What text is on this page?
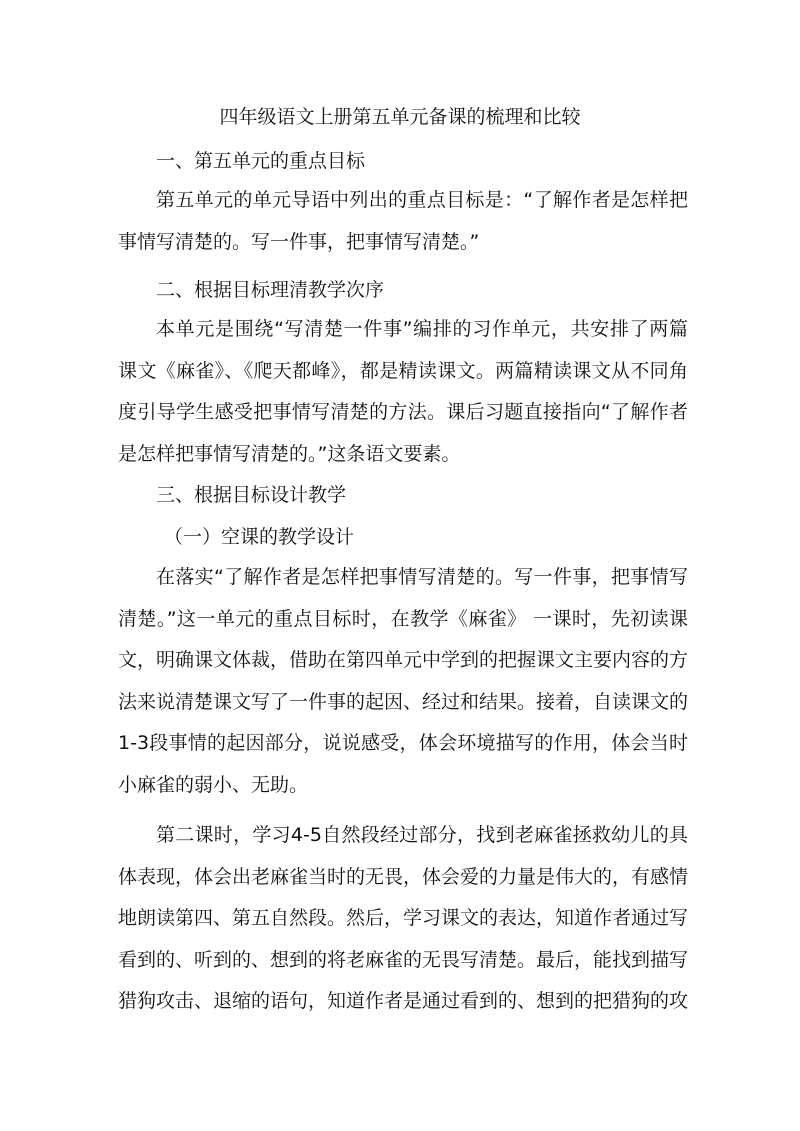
四年级语文上册第五单元备课的梳理和比较

一、第五单元的重点目标

第五单元的单元导语中列出的重点目标是：“了解作者是怎样把事情写清楚的。写一件事，把事情写清楚。”

二、根据目标理清教学次序

本单元是围绕“写清楚一件事”编排的习作单元，共安排了两篇课文《麻雀》、《爬天都峰》，都是精读课文。两篇精读课文从不同角度引导学生感受把事情写清楚的方法。课后习题直接指向“了解作者是怎样把事情写清楚的。”这条语文要素。

三、根据目标设计教学

（一）空课的教学设计

在落实“了解作者是怎样把事情写清楚的。写一件事，把事情写清楚。”这一单元的重点目标时，在教学《麻雀》 一课时，先初读课文，明确课文体裁，借助在第四单元中学到的把握课文主要内容的方法来说清楚课文写了一件事的起因、经过和结果。接着，自读课文的1-3段事情的起因部分，说说感受，体会环境描写的作用，体会当时小麻雀的弱小、无助。

第二课时，学习4-5自然段经过部分，找到老麻雀拯救幼儿的具体表现，体会出老麻雀当时的无畏，体会爱的力量是伟大的，有感情地朗读第四、第五自然段。然后，学习课文的表达，知道作者通过写看到的、听到的、想到的将老麻雀的无畏写清楚。最后，能找到描写猎狗攻击、退缩的语句，知道作者是通过看到的、想到的把猎狗的攻
